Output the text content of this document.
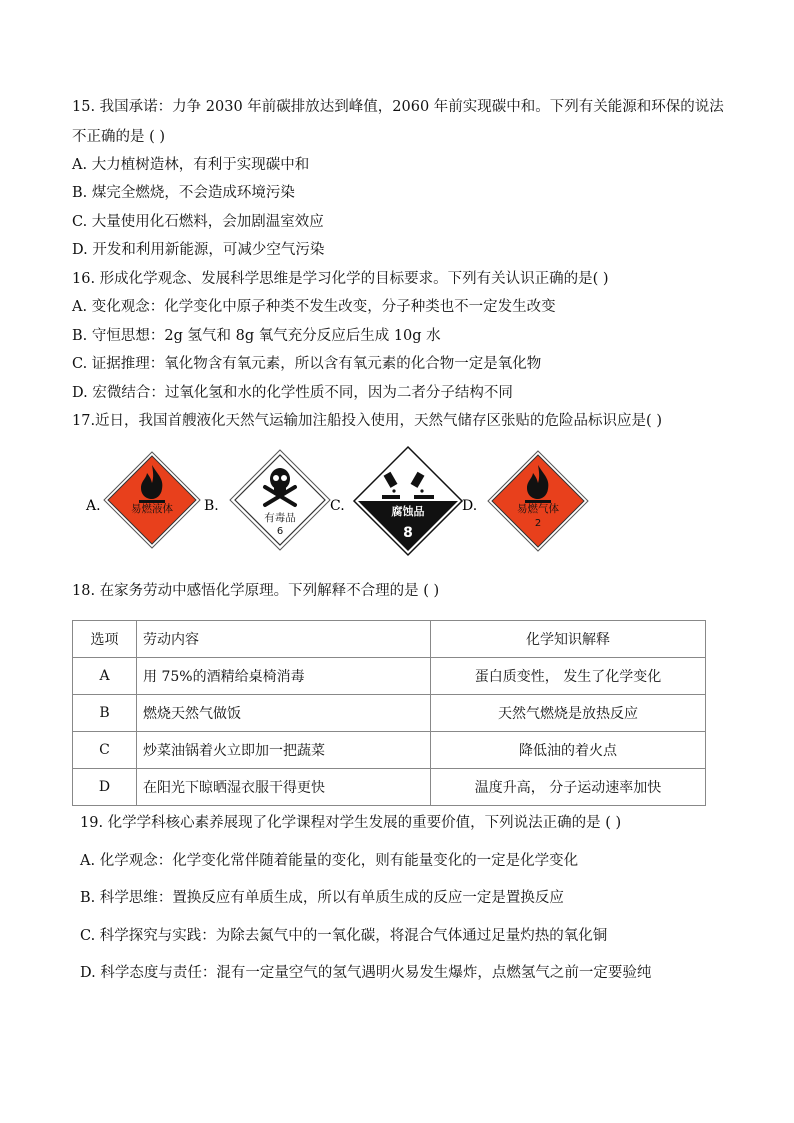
15. 我国承诺：力争 2030 年前碳排放达到峰值，2060 年前实现碳中和。下列有关能源和环保的说法
不正确的是 ( )
A. 大力植树造林，有利于实现碳中和
B. 煤完全燃烧，不会造成环境污染
C. 大量使用化石燃料，会加剧温室效应
D. 开发和利用新能源，可减少空气污染
16. 形成化学观念、发展科学思维是学习化学的目标要求。下列有关认识正确的是( )
A. 变化观念：化学变化中原子种类不发生改变，分子种类也不一定发生改变
B. 守恒思想：2g 氢气和 8g 氧气充分反应后生成 10g 水
C. 证据推理：氧化物含有氧元素，所以含有氧元素的化合物一定是氧化物
D. 宏微结合：过氧化氢和水的化学性质不同，因为二者分子结构不同
17.近日，我国首艘液化天然气运输加注船投入使用，天然气储存区张贴的危险品标识应是( )
A.	易燃液体 B.
有毒品
6
C.	腐蚀品
8
D.	易燃气体
2
18. 在家务劳动中感悟化学原理。下列解释不合理的是 ( )
选项	劳动内容	化学知识解释
A	用 75%的酒精给桌椅消毒	蛋白质变性， 发生了化学变化
B	燃烧天然气做饭	天然气燃烧是放热反应
C	炒菜油锅着火立即加一把蔬菜	降低油的着火点
D	在阳光下晾晒湿衣服干得更快	温度升高， 分子运动速率加快
19. 化学学科核心素养展现了化学课程对学生发展的重要价值，下列说法正确的是 ( )
A. 化学观念：化学变化常伴随着能量的变化，则有能量变化的一定是化学变化
B. 科学思维：置换反应有单质生成，所以有单质生成的反应一定是置换反应
C. 科学探究与实践：为除去氮气中的一氧化碳，将混合气体通过足量灼热的氧化铜
D. 科学态度与责任：混有一定量空气的氢气遇明火易发生爆炸，点燃氢气之前一定要验纯
